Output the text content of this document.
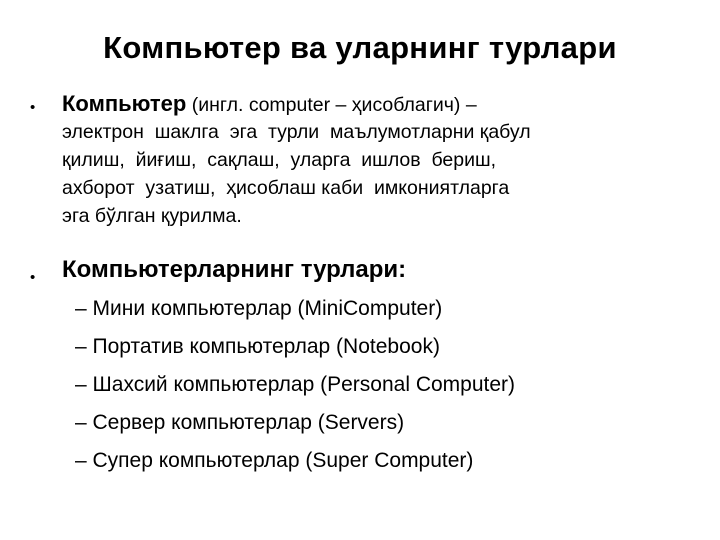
Компьютер ва уларнинг турлари
• Компьютер (ингл. computer – ҳисоблагич) –
электрон  шаклга  эга  турли  маълумотларни қабул
қилиш,  йиғиш,  сақлаш,  уларга  ишлов  бериш,
ахборот  узатиш,  ҳисоблаш каби  имкониятларга
эга бўлган қурилма.
• Компьютерларнинг турлари:
– Мини компьютерлар (MiniComputer)
– Портатив компьютерлар (Notebook)
– Шахсий компьютерлар (Personal Computer)
– Сервер компьютерлар (Servers)
– Супер компьютерлар (Super Computer)
